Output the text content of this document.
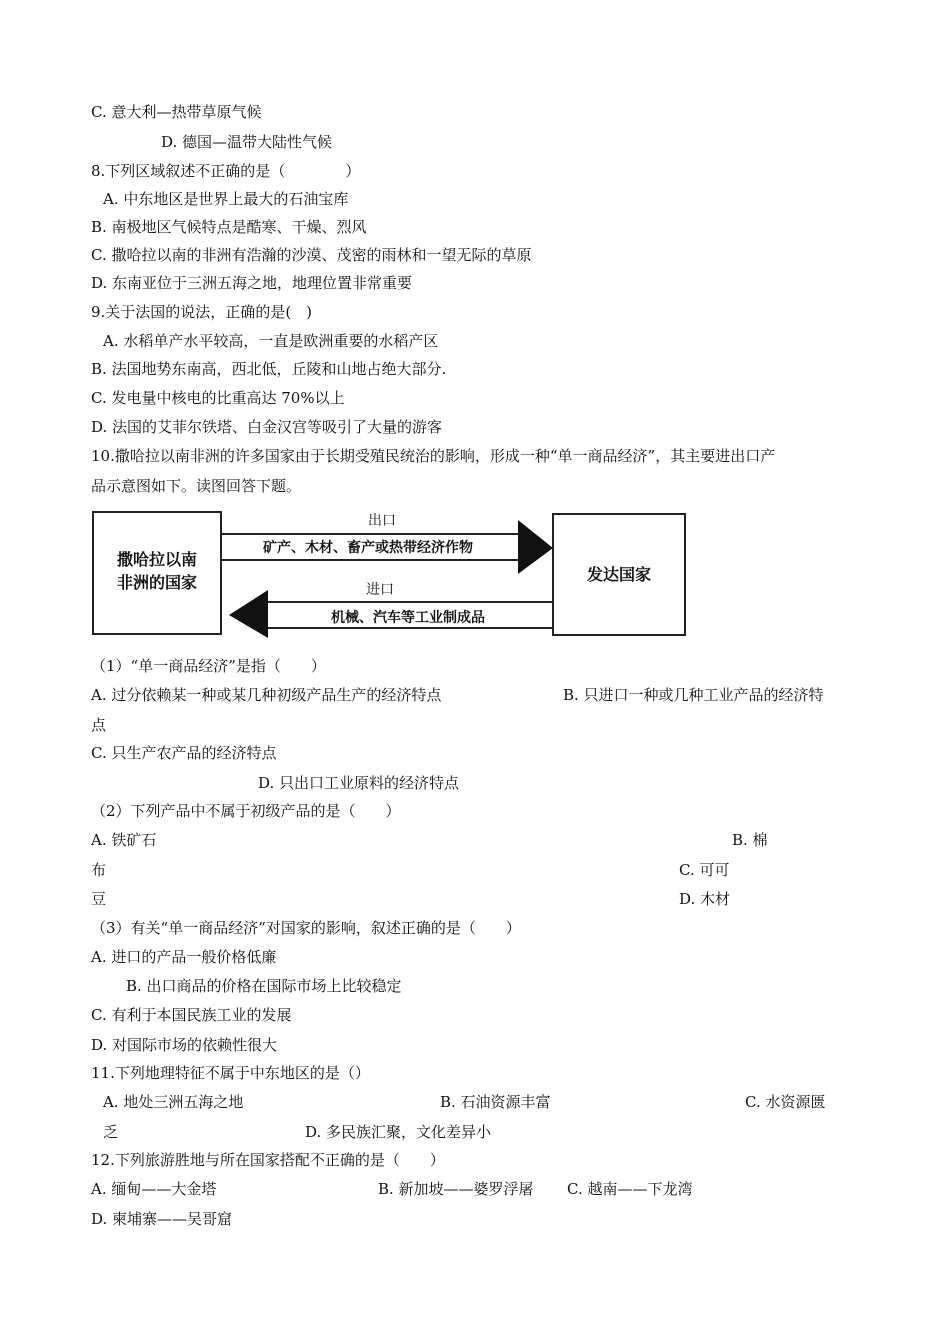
C. 意大利—热带草原气候
D. 德国—温带大陆性气候
8.下列区域叙述不正确的是（　　　　）
A. 中东地区是世界上最大的石油宝库
B. 南极地区气候特点是酷寒、干燥、烈风
C. 撒哈拉以南的非洲有浩瀚的沙漠、茂密的雨林和一望无际的草原
D. 东南亚位于三洲五海之地，地理位置非常重要
9.关于法国的说法，正确的是(　)
A. 水稻单产水平较高，一直是欧洲重要的水稻产区
B. 法国地势东南高，西北低，丘陵和山地占绝大部分.
C. 发电量中核电的比重高达 70%以上
D. 法国的艾菲尔铁塔、白金汉宫等吸引了大量的游客
10.撒哈拉以南非洲的许多国家由于长期受殖民统治的影响，形成一种“单一商品经济”，其主要进出口产
品示意图如下。读图回答下题。
撒哈拉以南
非洲的国家	发达国家
出口
矿产、木材、畜产或热带经济作物
进口
机械、汽车等工业制成品
（1）“单一商品经济”是指（　　）
A. 过分依赖某一种或某几种初级产品生产的经济特点	B. 只进口一种或几种工业产品的经济特
点
C. 只生产农产品的经济特点
D. 只出口工业原料的经济特点
（2）下列产品中不属于初级产品的是（　　）
A. 铁矿石	B. 棉
布	C. 可可
豆	D. 木材
（3）有关“单一商品经济”对国家的影响，叙述正确的是（　　）
A. 进口的产品一般价格低廉
B. 出口商品的价格在国际市场上比较稳定
C. 有利于本国民族工业的发展
D. 对国际市场的依赖性很大
11.下列地理特征不属于中东地区的是（）
A. 地处三洲五海之地	B. 石油资源丰富	C. 水资源匮
乏	D. 多民族汇聚，文化差异小
12.下列旅游胜地与所在国家搭配不正确的是（　　）
A. 缅甸——大金塔	B. 新加坡——婆罗浮屠 C. 越南——下龙湾
D. 柬埔寨——吴哥窟
